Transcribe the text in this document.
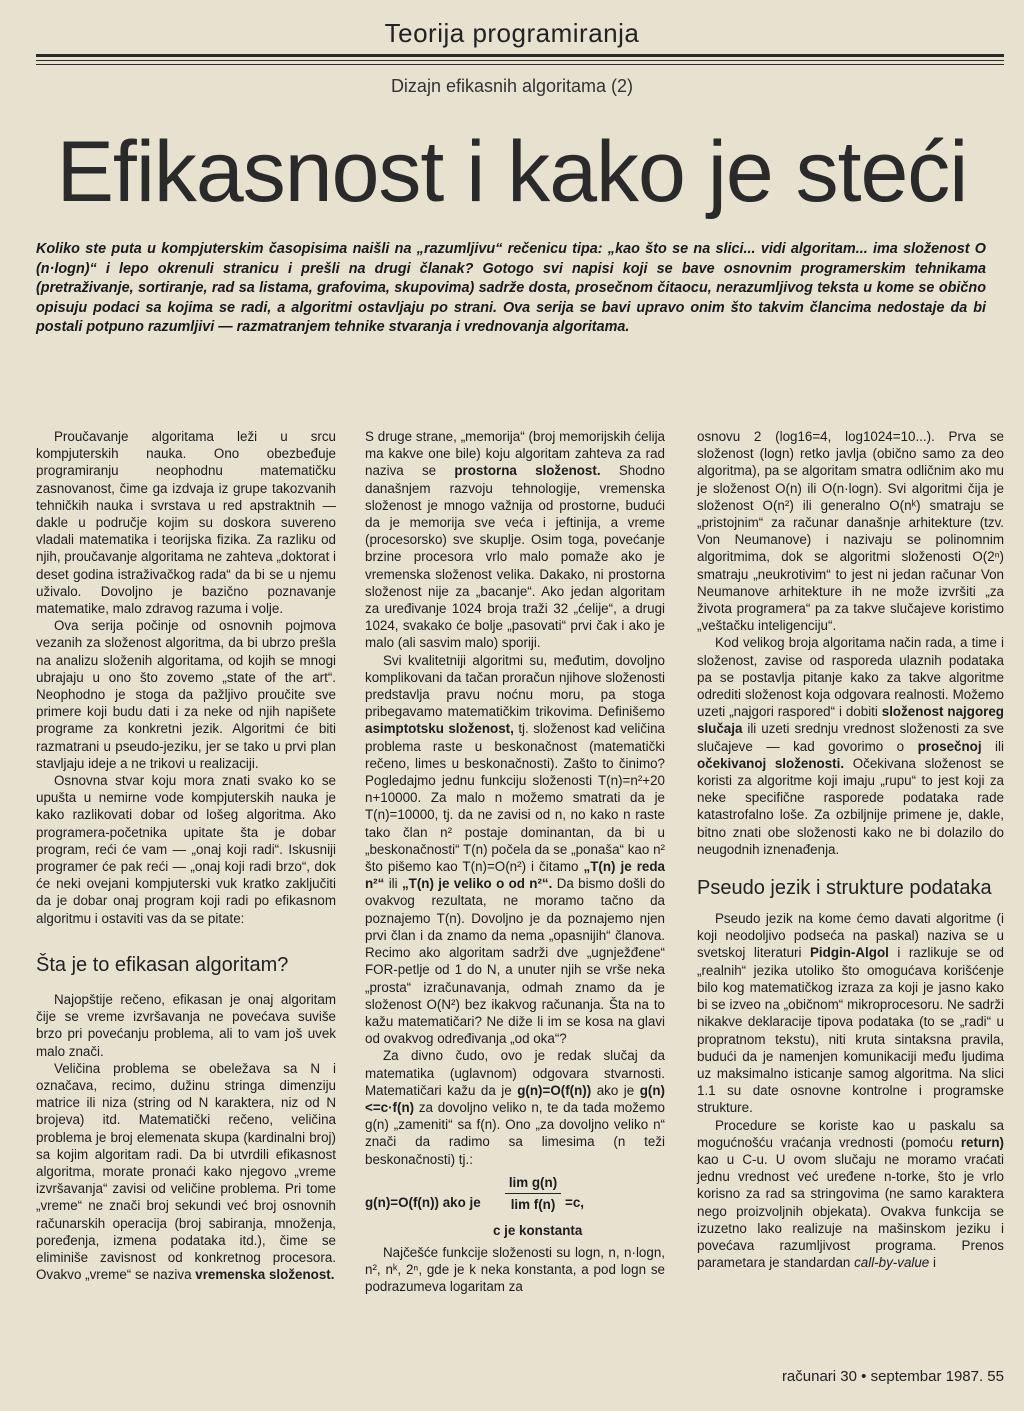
Teorija programiranja
Dizajn efikasnih algoritama (2)
Efikasnost i kako je steći
Koliko ste puta u kompjuterskim časopisima naišli na „razumljivu“ rečenicu tipa: „kao što se na slici... vidi algoritam... ima složenost O (n·logn)“ i lepo okrenuli stranicu i prešli na drugi članak? Gotogo svi napisi koji se bave osnovnim programerskim tehnikama (pretraživanje, sortiranje, rad sa listama, grafovima, skupovima) sadrže dosta, prosečnom čitaocu, nerazumljivog teksta u kome se obično opisuju podaci sa kojima se radi, a algoritmi ostavljaju po strani. Ova serija se bavi upravo onim što takvim člancima nedostaje da bi postali potpuno razumljivi — razmatranjem tehnike stvaranja i vrednovanja algoritama.

Proučavanje algoritama leži u srcu kompjuterskih nauka. Ono obezbeđuje programiranju neophodnu matematičku zasnovanost, čime ga izdvaja iz grupe takozvanih tehničkih nauka i svrstava u red apstraktnih — dakle u područje kojim su doskora suvereno vladali matematika i teorijska fizika. Za razliku od njih, proučavanje algoritama ne zahteva „doktorat i deset godina istraživačkog rada“ da bi se u njemu uživalo. Dovoljno je bazično poznavanje matematike, malo zdravog razuma i volje.

Ova serija počinje od osnovnih pojmova vezanih za složenost algoritma, da bi ubrzo prešla na analizu složenih algoritama, od kojih se mnogi ubrajaju u ono što zovemo „state of the art“. Neophodno je stoga da pažljivo proučite sve primere koji budu dati i za neke od njih napišete programe za konkretni jezik. Algoritmi će biti razmatrani u pseudo-jeziku, jer se tako u prvi plan stavljaju ideje a ne trikovi u realizaciji.

Osnovna stvar koju mora znati svako ko se upušta u nemirne vode kompjuterskih nauka je kako razlikovati dobar od lošeg algoritma. Ako programera-početnika upitate šta je dobar program, reći će vam — „onaj koji radi“. Iskusniji programer će pak reći — „onaj koji radi brzo“, dok će neki ovejani kompjuterski vuk kratko zaključiti da je dobar onaj program koji radi po efikasnom algoritmu i ostaviti vas da se pitate:

Šta je to efikasan algoritam?

Najopštije rečeno, efikasan je onaj algoritam čije se vreme izvršavanja ne povećava suviše brzo pri povećanju problema, ali to vam još uvek malo znači.

Veličina problema se obeležava sa N i označava, recimo, dužinu stringa dimenziju matrice ili niza (string od N karaktera, niz od N brojeva) itd. Matematički rečeno, veličina problema je broj elemenata skupa (kardinalni broj) sa kojim algoritam radi. Da bi utvrdili efikasnost algoritma, morate pronaći kako njegovo „vreme izvršavanja“ zavisi od veličine problema. Pri tome „vreme“ ne znači broj sekundi već broj osnovnih računarskih operacija (broj sabiranja, množenja, poređenja, izmena podataka itd.), čime se eliminiše zavisnost od konkretnog procesora. Ovakvo „vreme“ se naziva vremenska složenost.

S druge strane, „memorija“ (broj memorijskih ćelija ma kakve one bile) koju algoritam zahteva za rad naziva se prostorna složenost. Shodno današnjem razvoju tehnologije, vremenska složenost je mnogo važnija od prostorne, budući da je memorija sve veća i jeftinija, a vreme (procesorsko) sve skuplje. Osim toga, povećanje brzine procesora vrlo malo pomaže ako je vremenska složenost velika. Dakako, ni prostorna složenost nije za „bacanje“. Ako jedan algoritam za uređivanje 1024 broja traži 32 „ćelije“, a drugi 1024, svakako će bolje „pasovati“ prvi čak i ako je malo (ali sasvim malo) sporiji.

Svi kvalitetniji algoritmi su, međutim, dovoljno komplikovani da tačan proračun njihove složenosti predstavlja pravu noćnu moru, pa stoga pribegavamo matematičkim trikovima. Definišemo asimptotsku složenost, tj. složenost kad veličina problema raste u beskonačnost (matematički rečeno, limes u beskonačnosti). Zašto to činimo? Pogledajmo jednu funkciju složenosti T(n)=n²+20 n+10000. Za malo n možemo smatrati da je T(n)=10000, tj. da ne zavisi od n, no kako n raste tako član n² postaje dominantan, da bi u „beskonačnosti“ T(n) počela da se „ponaša“ kao n² što pišemo kao T(n)=O(n²) i čitamo „T(n) je reda n²“ ili „T(n) je veliko o od n²“. Da bismo došli do ovakvog rezultata, ne moramo tačno da poznajemo T(n). Dovoljno je da poznajemo njen prvi član i da znamo da nema „opasnijih“ članova. Recimo ako algoritam sadrži dve „ugnježđene“ FOR-petlje od 1 do N, a unuter njih se vrše neka „prosta“ izračunavanja, odmah znamo da je složenost O(N²) bez ikakvog računanja. Šta na to kažu matematičari? Ne diže li im se kosa na glavi od ovakvog određivanja „od oka“?

Za divno čudo, ovo je redak slučaj da matematika (uglavnom) odgovara stvarnosti. Matematičari kažu da je g(n)=O(f(n)) ako je g(n)<=c·f(n) za dovoljno veliko n, te da tada možemo g(n) „zameniti“ sa f(n). Ono „za dovoljno veliko n“ znači da radimo sa limesima (n teži beskonačnosti) tj.:

g(n)=O(f(n)) ako je $\frac{\text{lim g(n)}}{\text{lim f(n)}} =c$,
c je konstanta

Najčešće funkcije složenosti su logn, n, n·logn, n², nᵏ, 2ⁿ, gde je k neka konstanta, a pod logn se podrazumeva logaritam za

osnovu 2 (log16=4, log1024=10...). Prva se složenost (logn) retko javlja (obično samo za deo algoritma), pa se algoritam smatra odličnim ako mu je složenost O(n) ili O(n·logn). Svi algoritmi čija je složenost O(n²) ili generalno O(nᵏ) smatraju se „pristojnim“ za računar današnje arhitekture (tzv. Von Neumanove) i nazivaju se polinomnim algoritmima, dok se algoritmi složenosti O(2ⁿ) smatraju „neukrotivim“ to jest ni jedan računar Von Neumanove arhitekture ih ne može izvršiti „za života programera“ pa za takve slučajeve koristimo „veštačku inteligenciju“.

Kod velikog broja algoritama način rada, a time i složenost, zavise od rasporeda ulaznih podataka pa se postavlja pitanje kako za takve algoritme odrediti složenost koja odgovara realnosti. Možemo uzeti „najgori raspored“ i dobiti složenost najgoreg slučaja ili uzeti srednju vrednost složenosti za sve slučajeve — kad govorimo o prosečnoj ili očekivanoj složenosti. Očekivana složenost se koristi za algoritme koji imaju „rupu“ to jest koji za neke specifične rasporede podataka rade katastrofalno loše. Za ozbiljnije primene je, dakle, bitno znati obe složenosti kako ne bi dolazilo do neugodnih iznenađenja.

Pseudo jezik i strukture podataka

Pseudo jezik na kome ćemo davati algoritme (i koji neodoljivo podseća na paskal) naziva se u svetskoj literaturi Pidgin-Algol i razlikuje se od „realnih“ jezika utoliko što omogućava korišćenje bilo kog matematičkog izraza za koji je jasno kako bi se izveo na „običnom“ mikroprocesoru. Ne sadrži nikakve deklaracije tipova podataka (to se „radi“ u propratnom tekstu), niti kruta sintaksna pravila, budući da je namenjen komunikaciji među ljudima uz maksimalno isticanje samog algoritma. Na slici 1.1 su date osnovne kontrolne i programske strukture.

Procedure se koriste kao u paskalu sa mogućnošću vraćanja vrednosti (pomoću return) kao u C-u. U ovom slučaju ne moramo vraćati jednu vrednost već uređene n-torke, što je vrlo korisno za rad sa stringovima (ne samo karaktera nego proizvoljnih objekata). Ovakva funkcija se izuzetno lako realizuje na mašinskom jeziku i povećava razumljivost programa. Prenos parametara je standardan call-by-value i

računari 30 • septembar 1987. 55
